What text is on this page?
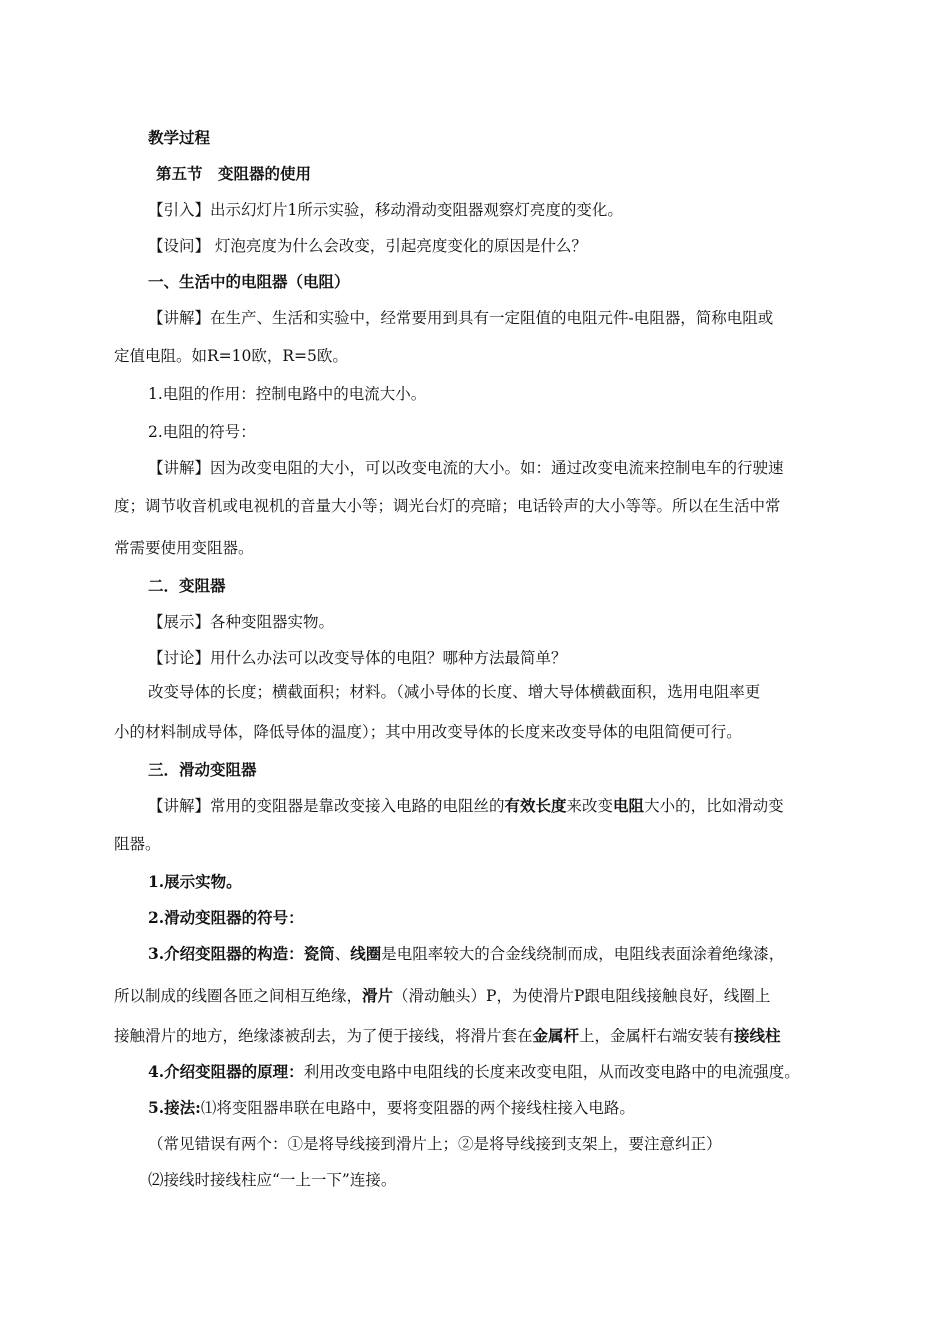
教学过程
第五节　变阻器的使用
【引入】出示幻灯片1所示实验，移动滑动变阻器观察灯亮度的变化。
【设问】 灯泡亮度为什么会改变，引起亮度变化的原因是什么？
一、生活中的电阻器（电阻）
【讲解】在生产、生活和实验中，经常要用到具有一定阻值的电阻元件-电阻器，简称电阻或
定值电阻。如R=10欧，R=5欧。
1.电阻的作用：控制电路中的电流大小。
2.电阻的符号：
【讲解】因为改变电阻的大小，可以改变电流的大小。如：通过改变电流来控制电车的行驶速
度；调节收音机或电视机的音量大小等；调光台灯的亮暗；电话铃声的大小等等。所以在生活中常
常需要使用变阻器。
二．变阻器
【展示】各种变阻器实物。
【讨论】用什么办法可以改变导体的电阻？哪种方法最简单？
改变导体的长度；横截面积；材料。（减小导体的长度、增大导体横截面积，选用电阻率更
小的材料制成导体，降低导体的温度）；其中用改变导体的长度来改变导体的电阻简便可行。
三．滑动变阻器
【讲解】常用的变阻器是靠改变接入电路的电阻丝的有效长度来改变电阻大小的，比如滑动变
阻器。
1.展示实物。
2.滑动变阻器的符号：
3.介绍变阻器的构造：瓷筒、线圈是电阻率较大的合金线绕制而成，电阻线表面涂着绝缘漆，
所以制成的线圈各匝之间相互绝缘，滑片（滑动触头）P，为使滑片P跟电阻线接触良好，线圈上
接触滑片的地方，绝缘漆被刮去，为了便于接线，将滑片套在金属杆上，金属杆右端安装有接线柱
4.介绍变阻器的原理：利用改变电路中电阻线的长度来改变电阻，从而改变电路中的电流强度。
5.接法:⑴将变阻器串联在电路中，要将变阻器的两个接线柱接入电路。
（常见错误有两个：①是将导线接到滑片上；②是将导线接到支架上，要注意纠正）
⑵接线时接线柱应“一上一下”连接。
